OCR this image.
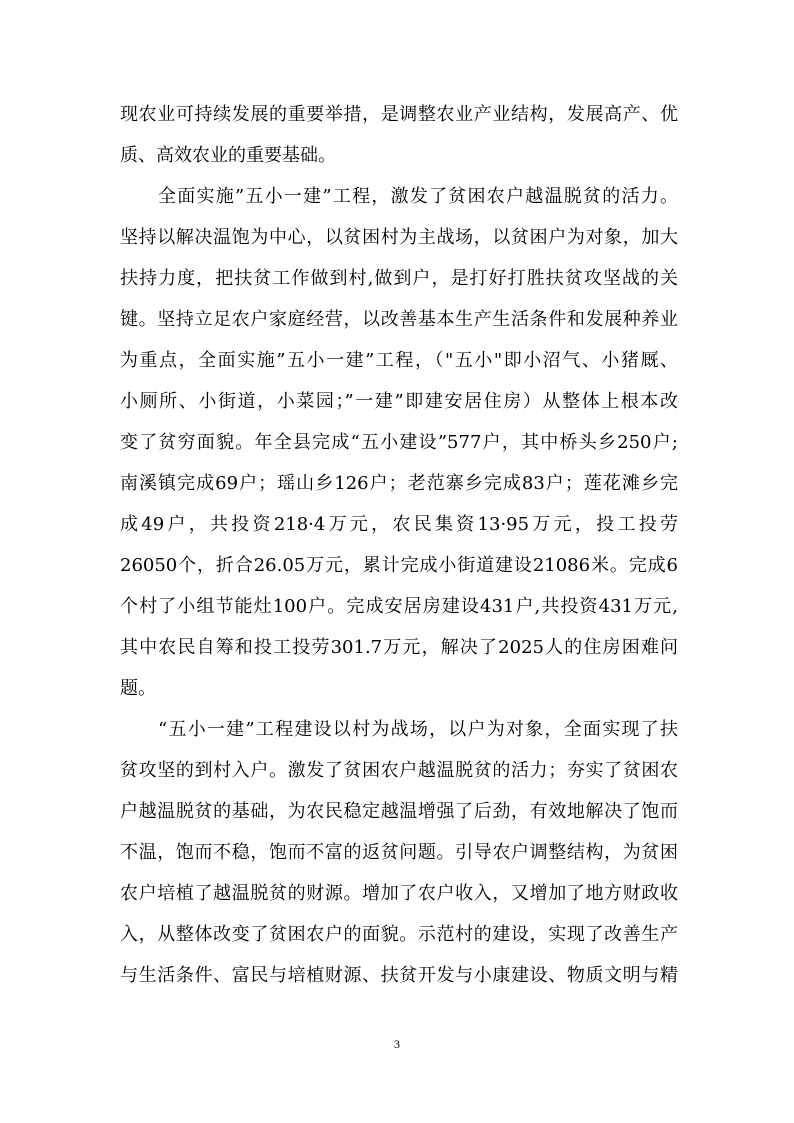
现农业可持续发展的重要举措，是调整农业产业结构，发展高产、优
质、高效农业的重要基础。
全面实施”五小一建”工程，激发了贫困农户越温脱贫的活力。
坚持以解决温饱为中心，以贫困村为主战场，以贫困户为对象，加大
扶持力度，把扶贫工作做到村,做到户，是打好打胜扶贫攻坚战的关
键。坚持立足农户家庭经营，以改善基本生产生活条件和发展种养业
为重点，全面实施”五小一建”工程，（"五小"即小沼气、小猪厩、
小厕所、小街道，小菜园；”一建”即建安居住房）从整体上根本改
变了贫穷面貌。年全县完成“五小建设”577户，其中桥头乡250户;
南溪镇完成69户；瑶山乡126户；老范寨乡完成83户；莲花滩乡完
成49户，共投资218·4万元，农民集资13·95万元，投工投劳
26050个，折合26.05万元，累计完成小街道建设21086米。完成6
个村了小组节能灶100户。完成安居房建设431户,共投资431万元,
其中农民自筹和投工投劳301.7万元，解决了2025人的住房困难问
题。
“五小一建”工程建设以村为战场，以户为对象，全面实现了扶
贫攻坚的到村入户。激发了贫困农户越温脱贫的活力；夯实了贫困农
户越温脱贫的基础，为农民稳定越温增强了后劲，有效地解决了饱而
不温，饱而不稳，饱而不富的返贫问题。引导农户调整结构，为贫困
农户培植了越温脱贫的财源。增加了农户收入，又增加了地方财政收
入，从整体改变了贫困农户的面貌。示范村的建设，实现了改善生产
与生活条件、富民与培植财源、扶贫开发与小康建设、物质文明与精
3
